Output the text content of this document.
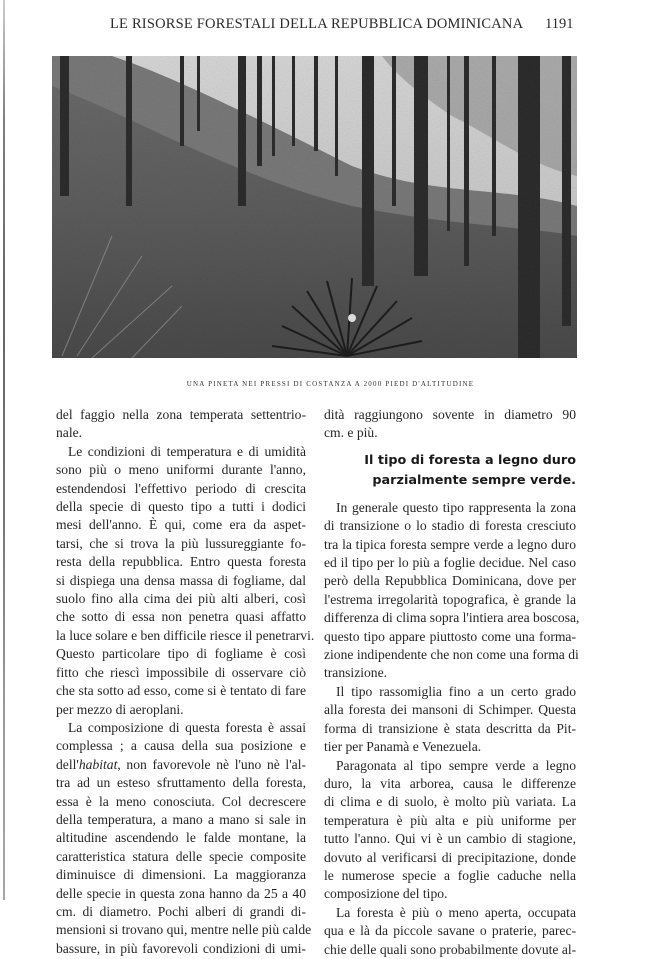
LE RISORSE FORESTALI DELLA REPUBBLICA DOMINICANA	1191
UNA PINETA NEI PRESSI DI COSTANZA A 2000 PIEDI D'ALTITUDINE
del faggio nella zona temperata settentrio-
nale.
Le condizioni di temperatura e di umidità
sono più o meno uniformi durante l'anno,
estendendosi l'effettivo periodo di crescita
della specie di questo tipo a tutti i dodici
mesi dell'anno. È qui, come era da aspet-
tarsi, che si trova la più lussureggiante fo-
resta della repubblica. Entro questa foresta
si dispiega una densa massa di fogliame, dal
suolo fino alla cima dei più alti alberi, così
che sotto di essa non penetra quasi affatto
la luce solare e ben difficile riesce il penetrarvi.
Questo particolare tipo di fogliame è così
fitto che riescì impossibile di osservare ciò
che sta sotto ad esso, come si è tentato di fare
per mezzo di aeroplani.
La composizione di questa foresta è assai
complessa ; a causa della sua posizione e
dell'habitat, non favorevole nè l'uno nè l'al-
tra ad un esteso sfruttamento della foresta,
essa è la meno conosciuta. Col decrescere
della temperatura, a mano a mano si sale in
altitudine ascendendo le falde montane, la
caratteristica statura delle specie composite
diminuisce di dimensioni. La maggioranza
delle specie in questa zona hanno da 25 a 40
cm. di diametro. Pochi alberi di grandi di-
mensioni si trovano qui, mentre nelle più calde
bassure, in più favorevoli condizioni di umi-
dità raggiungono sovente in diametro 90
cm. e più.
Il tipo di foresta a legno duro
parzialmente sempre verde.
In generale questo tipo rappresenta la zona
di transizione o lo stadio di foresta cresciuto
tra la tipica foresta sempre verde a legno duro
ed il tipo per lo più a foglie decidue. Nel caso
però della Repubblica Dominicana, dove per
l'estrema irregolarità topografica, è grande la
differenza di clima sopra l'intiera area boscosa,
questo tipo appare piuttosto come una forma-
zione indipendente che non come una forma di
transizione.
Il tipo rassomiglia fino a un certo grado
alla foresta dei mansoni di Schimper. Questa
forma di transizione è stata descritta da Pit-
tier per Panamà e Venezuela.
Paragonata al tipo sempre verde a legno
duro, la vita arborea, causa le differenze
di clima e di suolo, è molto più variata. La
temperatura è più alta e più uniforme per
tutto l'anno. Qui vi è un cambio di stagione,
dovuto al verificarsi di precipitazione, donde
le numerose specie a foglie caduche nella
composizione del tipo.
La foresta è più o meno aperta, occupata
qua e là da piccole savane o praterie, parec-
chie delle quali sono probabilmente dovute al-
